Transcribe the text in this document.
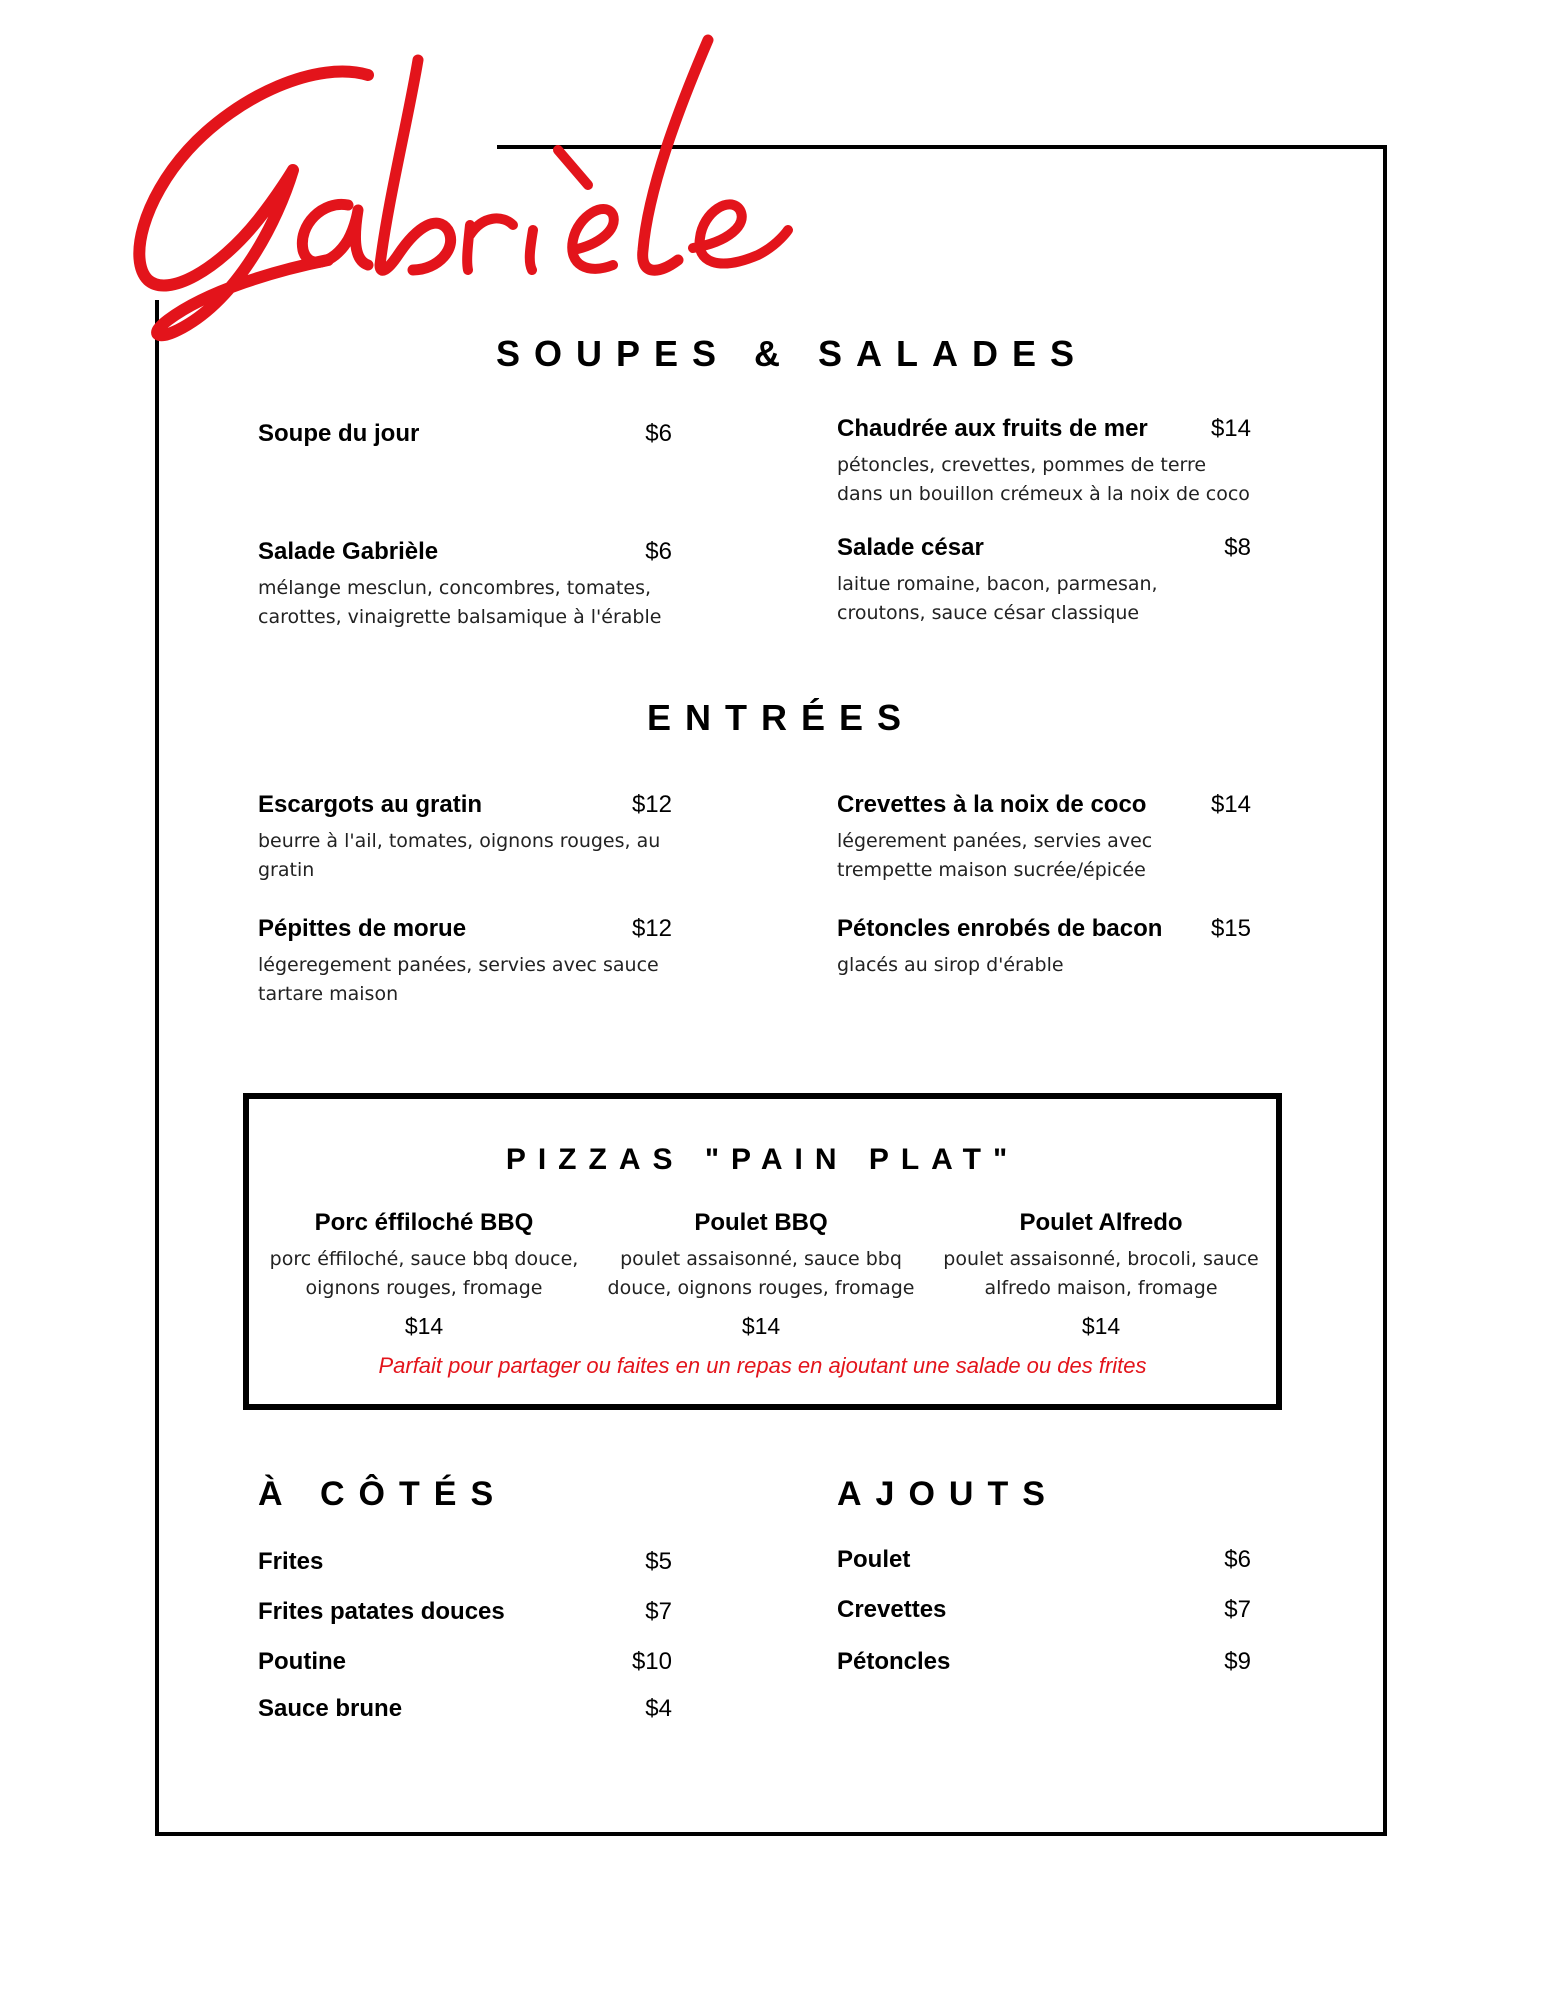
SOUPES & SALADES
Soupe du jour	$6	Chaudrée aux fruits de mer	$14
pétoncles, crevettes, pommes de terre dans un bouillon crémeux à la noix de coco
Salade Gabrièle	$6
mélange mesclun, concombres, tomates, carottes, vinaigrette balsamique à l'érable
Salade césar	$8
laitue romaine, bacon, parmesan, croutons, sauce césar classique
ENTRÉES
Escargots au gratin	$12
beurre à l'ail, tomates, oignons rouges, au gratin
Crevettes à la noix de coco	$14
légerement panées, servies avec trempette maison sucrée/épicée
Pépittes de morue	$12
légeregement panées, servies avec sauce tartare maison
Pétoncles enrobés de bacon $15
glacés au sirop d'érable
PIZZAS "PAIN PLAT"
Porc éffiloché BBQ
porc éffiloché, sauce bbq douce, oignons rouges, fromage
$14
Poulet BBQ
poulet assaisonné, sauce bbq douce, oignons rouges, fromage
$14
Poulet Alfredo
poulet assaisonné, brocoli, sauce alfredo maison, fromage
$14
Parfait pour partager ou faites en un repas en ajoutant une salade ou des frites
À CÔTÉS
Frites	$5
Frites patates douces	$7
Poutine	$10
Sauce brune	$4
AJOUTS
Poulet	$6
Crevettes	$7
Pétoncles	$9
